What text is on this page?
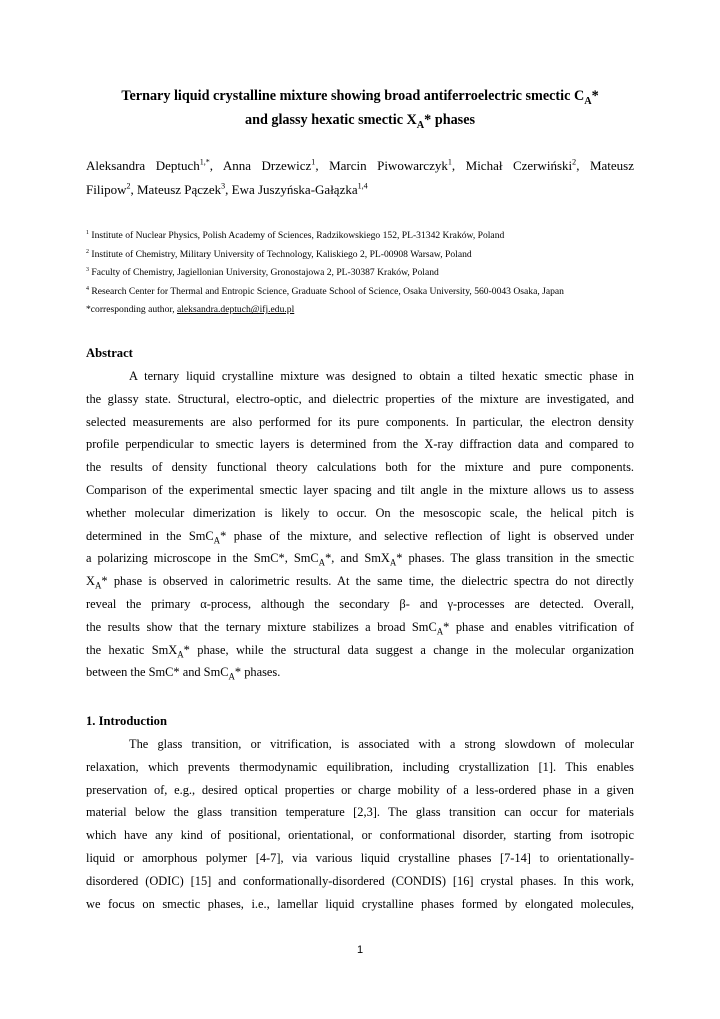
Ternary liquid crystalline mixture showing broad antiferroelectric smectic $C_A*$
and glassy hexatic smectic $X_A*$ phases
Aleksandra Deptuch$^{1,*}$, Anna Drzewicz$^1$, Marcin Piwowarczyk$^1$, Michał Czerwiński$^2$, Mateusz
Filipow$^2$, Mateusz Pączek$^3$, Ewa Juszyńska-Gałązka$^{1,4}$
$^1$ Institute of Nuclear Physics, Polish Academy of Sciences, Radzikowskiego 152, PL-31342 Kraków, Poland
$^2$ Institute of Chemistry, Military University of Technology, Kaliskiego 2, PL-00908 Warsaw, Poland
$^3$ Faculty of Chemistry, Jagiellonian University, Gronostajowa 2, PL-30387 Kraków, Poland
$^4$ Research Center for Thermal and Entropic Science, Graduate School of Science, Osaka University, 560-0043 Osaka, Japan
*corresponding author, aleksandra.deptuch@ifj.edu.pl
Abstract
A ternary liquid crystalline mixture was designed to obtain a tilted hexatic smectic phase in
the glassy state. Structural, electro-optic, and dielectric properties of the mixture are investigated, and
selected measurements are also performed for its pure components. In particular, the electron density
profile perpendicular to smectic layers is determined from the X-ray diffraction data and compared to
the results of density functional theory calculations both for the mixture and pure components.
Comparison of the experimental smectic layer spacing and tilt angle in the mixture allows us to assess
whether molecular dimerization is likely to occur. On the mesoscopic scale, the helical pitch is
determined in the SmC$_A$* phase of the mixture, and selective reflection of light is observed under
a polarizing microscope in the SmC*, SmC$_A$*, and SmX$_A$* phases. The glass transition in the smectic
$X_A*$ phase is observed in calorimetric results. At the same time, the dielectric spectra do not directly
reveal the primary α-process, although the secondary β- and γ-processes are detected. Overall,
the results show that the ternary mixture stabilizes a broad SmC$_A$* phase and enables vitrification of
the hexatic SmX$_A$* phase, while the structural data suggest a change in the molecular organization
between the SmC* and SmC$_A$* phases.
1. Introduction
The glass transition, or vitrification, is associated with a strong slowdown of molecular
relaxation, which prevents thermodynamic equilibration, including crystallization [1]. This enables
preservation of, e.g., desired optical properties or charge mobility of a less-ordered phase in a given
material below the glass transition temperature [2,3]. The glass transition can occur for materials
which have any kind of positional, orientational, or conformational disorder, starting from isotropic
liquid or amorphous polymer [4-7], via various liquid crystalline phases [7-14] to orientationally-
disordered (ODIC) [15] and conformationally-disordered (CONDIS) [16] crystal phases. In this work,
we focus on smectic phases, i.e., lamellar liquid crystalline phases formed by elongated molecules,
1
